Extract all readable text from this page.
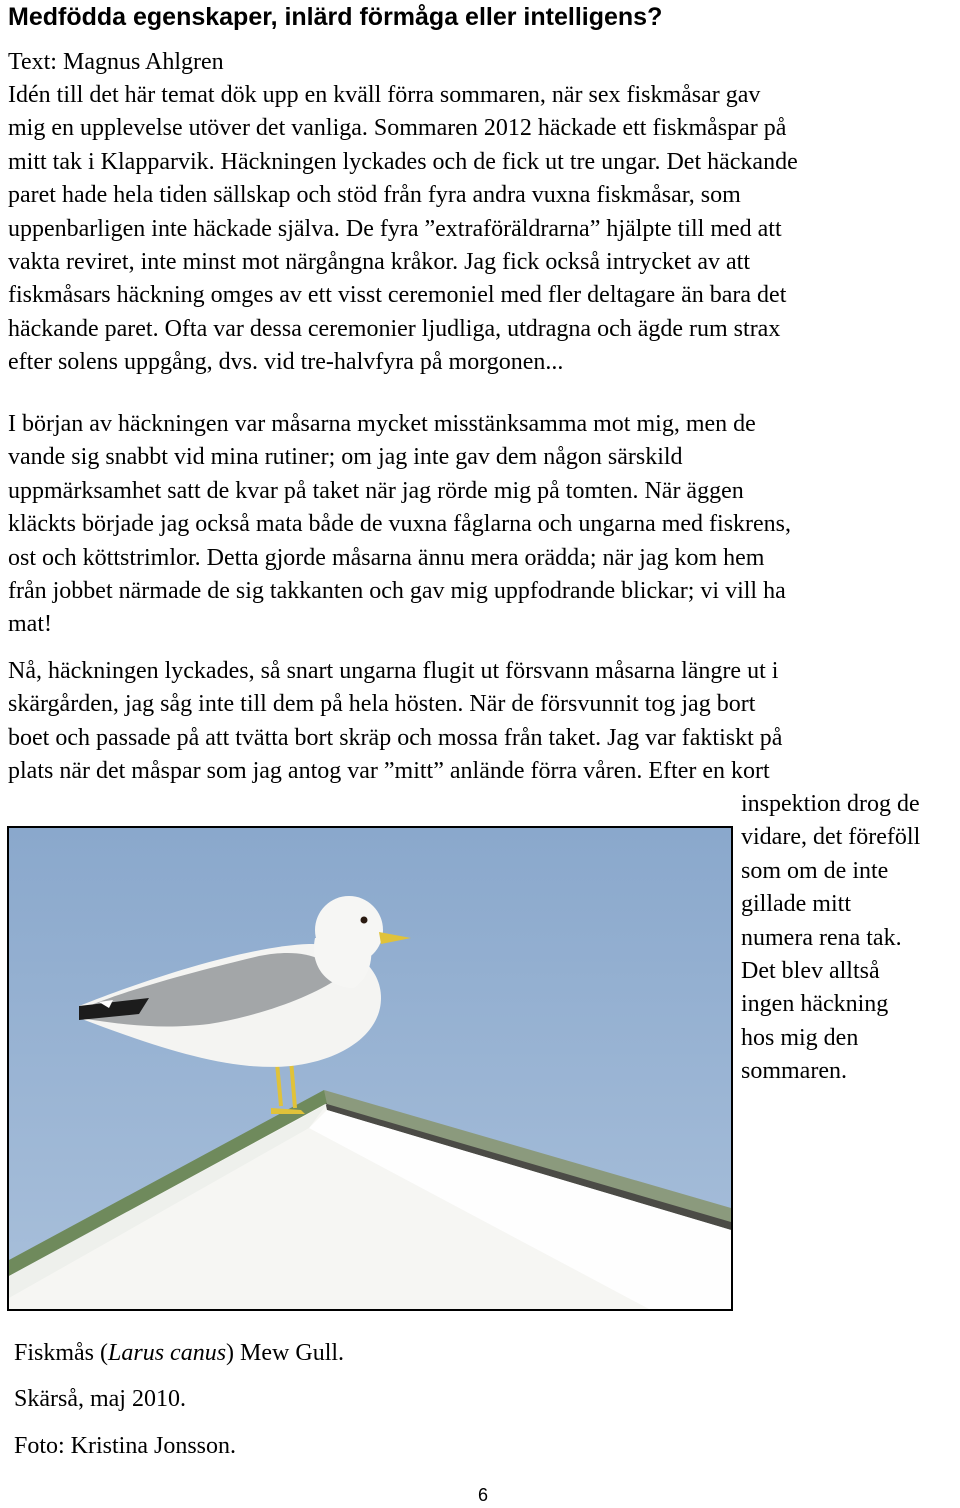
Medfödda egenskaper, inlärd förmåga eller intelligens?
Text: Magnus Ahlgren
Idén till det här temat dök upp en kväll förra sommaren, när sex fiskmåsar gav
mig en upplevelse utöver det vanliga. Sommaren 2012 häckade ett fiskmåspar på
mitt tak i Klapparvik. Häckningen lyckades och de fick ut tre ungar. Det häckande
paret hade hela tiden sällskap och stöd från fyra andra vuxna fiskmåsar, som
uppenbarligen inte häckade själva. De fyra ”extraföräldrarna” hjälpte till med att
vakta reviret, inte minst mot närgångna kråkor. Jag fick också intrycket av att
fiskmåsars häckning omges av ett visst ceremoniel med fler deltagare än bara det
häckande paret. Ofta var dessa ceremonier ljudliga, utdragna och ägde rum strax
efter solens uppgång, dvs. vid tre-halvfyra på morgonen...
I början av häckningen var måsarna mycket misstänksamma mot mig, men de
vande sig snabbt vid mina rutiner; om jag inte gav dem någon särskild
uppmärksamhet satt de kvar på taket när jag rörde mig på tomten. När äggen
kläckts började jag också mata både de vuxna fåglarna och ungarna med fiskrens,
ost och köttstrimlor. Detta gjorde måsarna ännu mera orädda; när jag kom hem
från jobbet närmade de sig takkanten och gav mig uppfodrande blickar; vi vill ha
mat!
Nå, häckningen lyckades, så snart ungarna flugit ut försvann måsarna längre ut i
skärgården, jag såg inte till dem på hela hösten. När de försvunnit tog jag bort
boet och passade på att tvätta bort skräp och mossa från taket. Jag var faktiskt på
plats när det måspar som jag antog var ”mitt” anlände förra våren. Efter en kort
inspektion drog de
vidare, det föreföll
som om de inte
gillade mitt
numera rena tak.
Det blev alltså
ingen häckning
hos mig den
sommaren.
Fiskmås (Larus canus) Mew Gull.
Skärså, maj 2010.
Foto: Kristina Jonsson.
6
